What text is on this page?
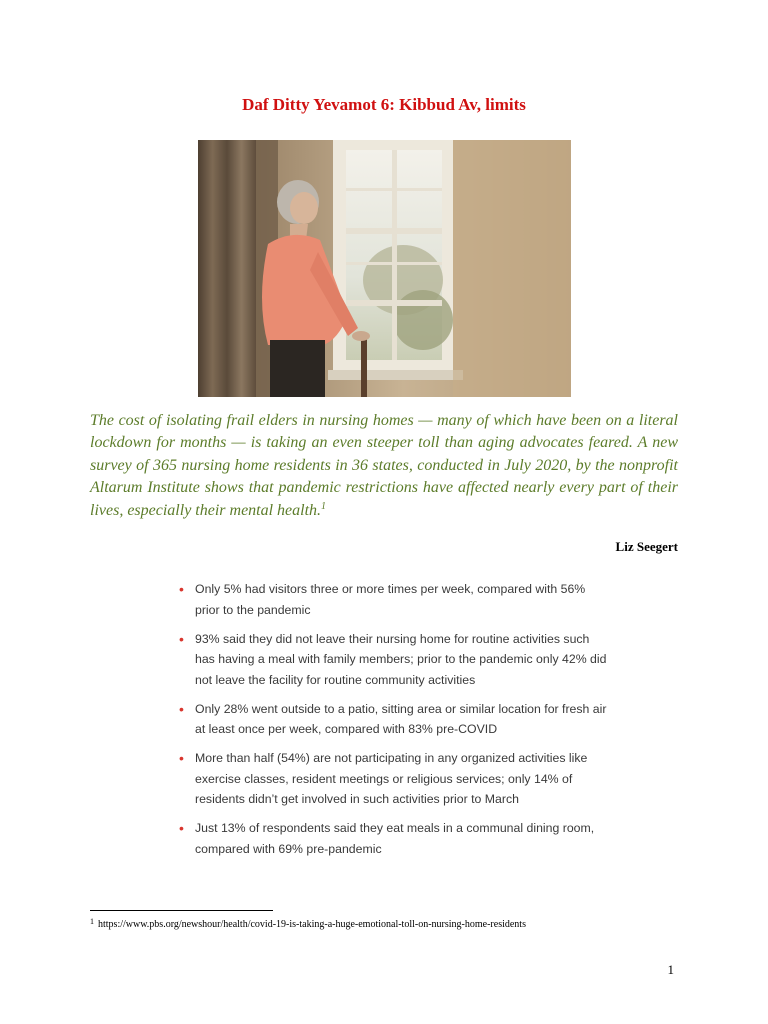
Daf Ditty Yevamot 6: Kibbud Av, limits

The cost of isolating frail elders in nursing homes — many of which have been on a literal lockdown for months — is taking an even steeper toll than aging advocates feared. A new survey of 365 nursing home residents in 36 states, conducted in July 2020, by the nonprofit Altarum Institute shows that pandemic restrictions have affected nearly every part of their lives, especially their mental health.$^1$

Liz Seegert

• Only 5% had visitors three or more times per week, compared with 56% prior to the pandemic
• 93% said they did not leave their nursing home for routine activities such has having a meal with family members; prior to the pandemic only 42% did not leave the facility for routine community activities
• Only 28% went outside to a patio, sitting area or similar location for fresh air at least once per week, compared with 83% pre-COVID
• More than half (54%) are not participating in any organized activities like exercise classes, resident meetings or religious services; only 14% of residents didn’t get involved in such activities prior to March
• Just 13% of respondents said they eat meals in a communal dining room, compared with 69% pre-pandemic

$^1$ https://www.pbs.org/newshour/health/covid-19-is-taking-a-huge-emotional-toll-on-nursing-home-residents

1
